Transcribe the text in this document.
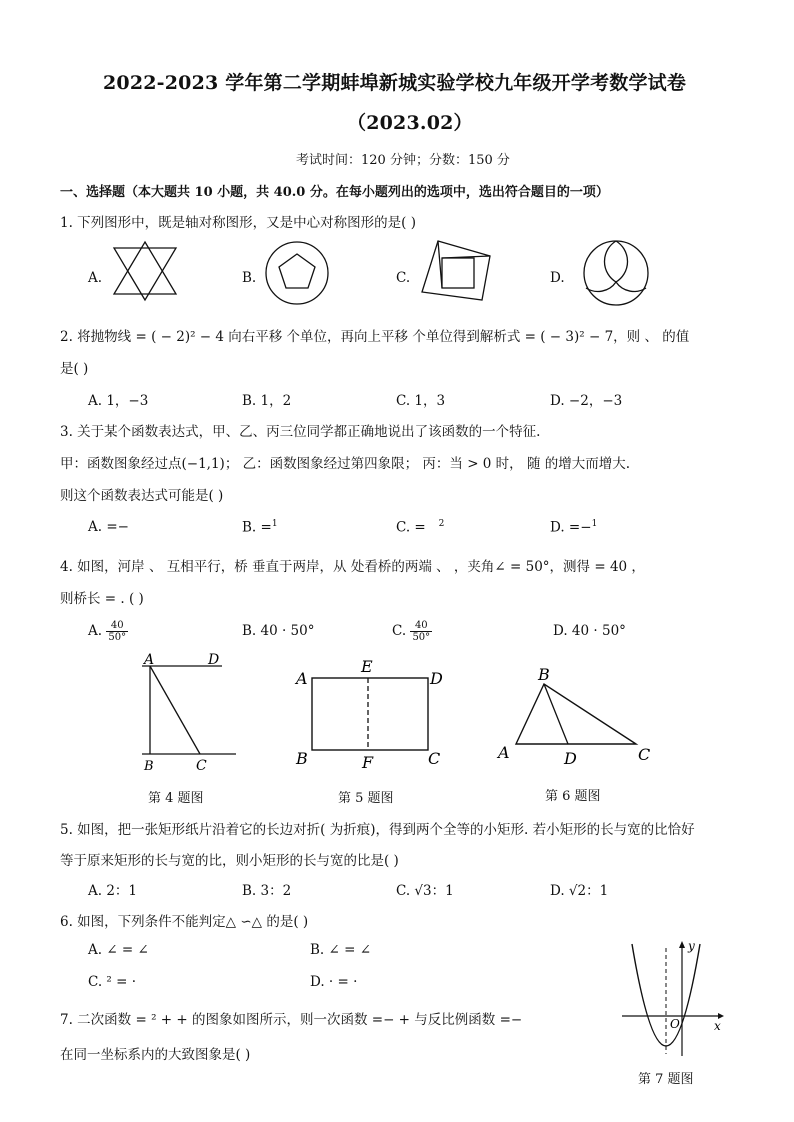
2022-2023 学年第二学期蚌埠新城实验学校九年级开学考数学试卷
（2023.02）
考试时间：120 分钟；分数：150 分
一、选择题（本大题共 10 小题，共 40.0 分。在每小题列出的选项中，选出符合题目的一项）
1. 下列图形中，既是轴对称图形，又是中心对称图形的是( )
A.	B.	C.	D.
2. 将抛物线 = ( − 2)² − 4 向右平移 个单位，再向上平移 个单位得到解析式 = ( − 3)² − 7，则 、 的值
是( )
A. 1，−3	B. 1，2	C. 1，3	D. −2，−3
3. 关于某个函数表达式，甲、乙、丙三位同学都正确地说出了该函数的一个特征.
甲：函数图象经过点(−1,1)； 乙：函数图象经过第四象限； 丙：当 > 0 时， 随 的增大而增大.
则这个函数表达式可能是( )
A. =−	B. =$^1$	C. = $^2$	D. =−$^1$
4. 如图，河岸 、 互相平行，桥 垂直于两岸，从 处看桥的两端 、 ，夹角∠ = 50°，测得 = 40 ，
则桥长 = . ( )
A. $\frac{40}{50^\circ}$	B. 40 · 50°	C. $\frac{40}{50^\circ}$	D. 40 · 50°
A	D
B	C
第 4 题图
A
E
D
B	F	C
第 5 题图
B
A	D	C
第 6 题图
5. 如图，把一张矩形纸片沿着它的长边对折( 为折痕)，得到两个全等的小矩形. 若小矩形的长与宽的比恰好
等于原来矩形的长与宽的比，则小矩形的长与宽的比是( )
A. 2：1	B. 3：2	C. √3：1	D. √2：1
6. 如图，下列条件不能判定△ ∽△ 的是( )
A. ∠ = ∠	B. ∠ = ∠
C. ² = ·	D. · = ·
y
O	x
第 7 题图
7. 二次函数 = ² + + 的图象如图所示，则一次函数 =− + 与反比例函数 =−
在同一坐标系内的大致图象是( )
